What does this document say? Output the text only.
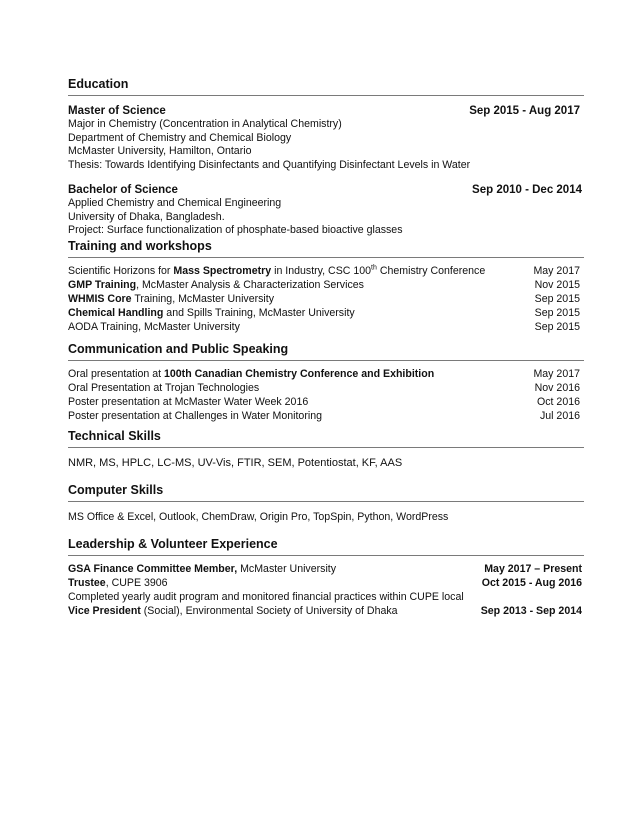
Education
Master of Science	Sep 2015 - Aug 2017
Major in Chemistry (Concentration in Analytical Chemistry)
Department of Chemistry and Chemical Biology
McMaster University, Hamilton, Ontario
Thesis: Towards Identifying Disinfectants and Quantifying Disinfectant Levels in Water
Bachelor of Science	Sep 2010 - Dec 2014
Applied Chemistry and Chemical Engineering
University of Dhaka, Bangladesh.
Project: Surface functionalization of phosphate-based bioactive glasses
Training and workshops
Scientific Horizons for Mass Spectrometry in Industry, CSC 100th Chemistry Conference	May 2017
GMP Training, McMaster Analysis & Characterization Services	Nov 2015
WHMIS Core Training, McMaster University	Sep 2015
Chemical Handling and Spills Training, McMaster University	Sep 2015
AODA Training, McMaster University	Sep 2015
Communication and Public Speaking
Oral presentation at 100th Canadian Chemistry Conference and Exhibition	May 2017
Oral Presentation at Trojan Technologies	Nov 2016
Poster presentation at McMaster Water Week 2016	Oct 2016
Poster presentation at Challenges in Water Monitoring	Jul 2016
Technical Skills
NMR, MS, HPLC, LC-MS, UV-Vis, FTIR, SEM, Potentiostat, KF, AAS
Computer Skills
MS Office & Excel, Outlook, ChemDraw, Origin Pro, TopSpin, Python, WordPress
Leadership & Volunteer Experience
GSA Finance Committee Member, McMaster University	May 2017 – Present
Trustee, CUPE 3906	Oct 2015 - Aug 2016
Completed yearly audit program and monitored financial practices within CUPE local
Vice President (Social), Environmental Society of University of Dhaka	Sep 2013 - Sep 2014
